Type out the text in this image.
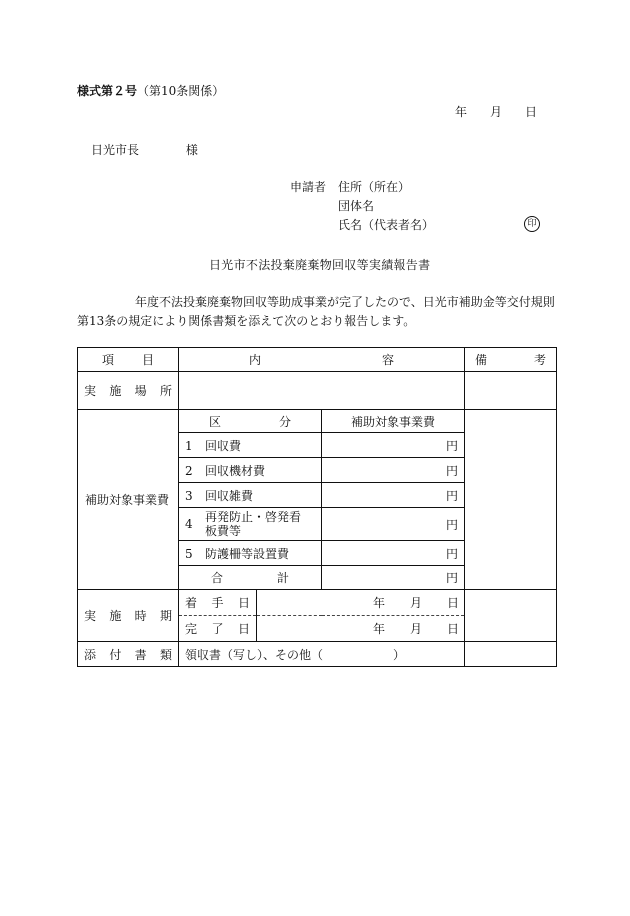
様式第２号（第10条関係）
年 月 日
日光市長	様
申請者 住所（所在）
団体名
氏名（代表者名）	印
日光市不法投棄廃棄物回収等実績報告書
年度不法投棄廃棄物回収等助成事業が完了したので、日光市補助金等交付規則
第13条の規定により関係書類を添えて次のとおり報告します。
項 目	内 容			備 考

実 施 場 所				

補助対象事業費	区 分		補助対象事業費	
	1 回収費		円	
	2 回収機材費		円	
	3 回収雑費		円	

	4 再発防止・啓発看板費等		円	
	5 防護柵等設置費		円	

	合 計		円	

実 施 時 期	着 手 日	年 月 日		

	完 了 日	年 月 日		

添 付 書 類	領収書（写し）、その他（ ）			
